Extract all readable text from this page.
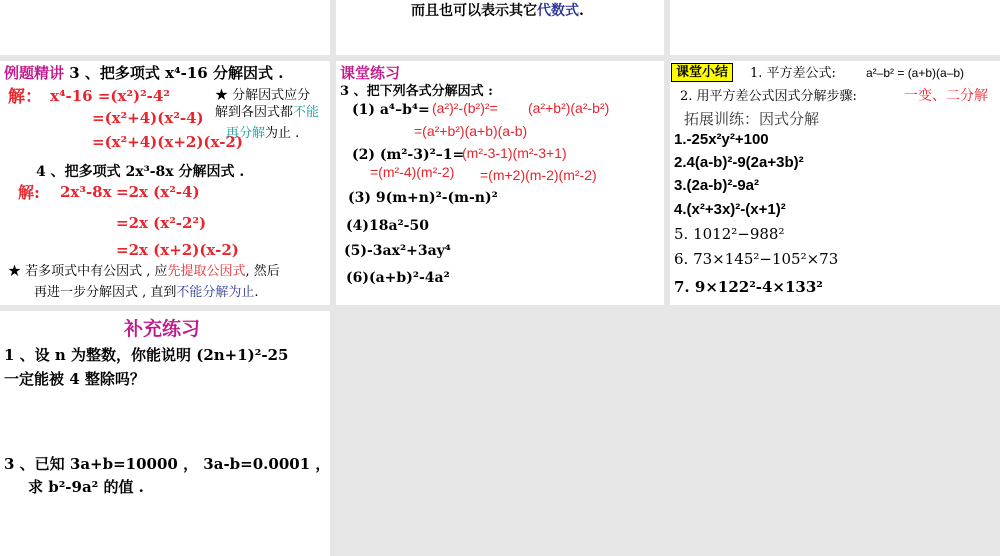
而且也可以表示其它代数式.
例题精讲 3 、把多项式 x⁴-16 分解因式 .
解： x⁴-16 =(x²)²-4²
=(x²+4)(x²-4)
=(x²+4)(x+2)(x-2)
★ 分解因式应分
解到各因式都不能
再分解为止 .
4 、把多项式 2x³-8x 分解因式 .
解: 2x³-8x =2x (x²-4)
=2x (x²-2²)
=2x (x+2)(x-2)
★ 若多项式中有公因式 , 应先提取公因式, 然后
再进一步分解因式 , 直到不能分解为止.
课堂练习
3 、把下列各式分解因式 :
(1) a⁴–b⁴= (a²)²-(b²)²= (a²+b²)(a²-b²)
=(a²+b²)(a+b)(a-b)
(2) (m²-3)²–1=
(m²-3-1)(m²-3+1)
=(m²-4)(m²-2) =(m+2)(m-2)(m²-2)
(3) 9(m+n)²-(m-n)²
(4)18a²-50
(5)-3ax²+3ay⁴
(6)(a+b)²-4a²
课堂小结	1. 平方差公式:	a²–b² = (a+b)(a–b)
2. 用平方差公式因式分解步骤:	一变、二分解
拓展训练：因式分解
1.-25x²y²+100
2.4(a-b)²-9(2a+3b)²
3.(2a-b)²-9a²
4.(x²+3x)²-(x+1)²
5. 1012²−988²
6. 73×145²−105²×73
7. 9×122²-4×133²
补充练习
1 、设 n 为整数，你能说明 (2n+1)²-25
一定能被 4 整除吗？
3 、已知 3a+b=10000 ， 3a-b=0.0001 ，
求 b²-9a² 的值 .
